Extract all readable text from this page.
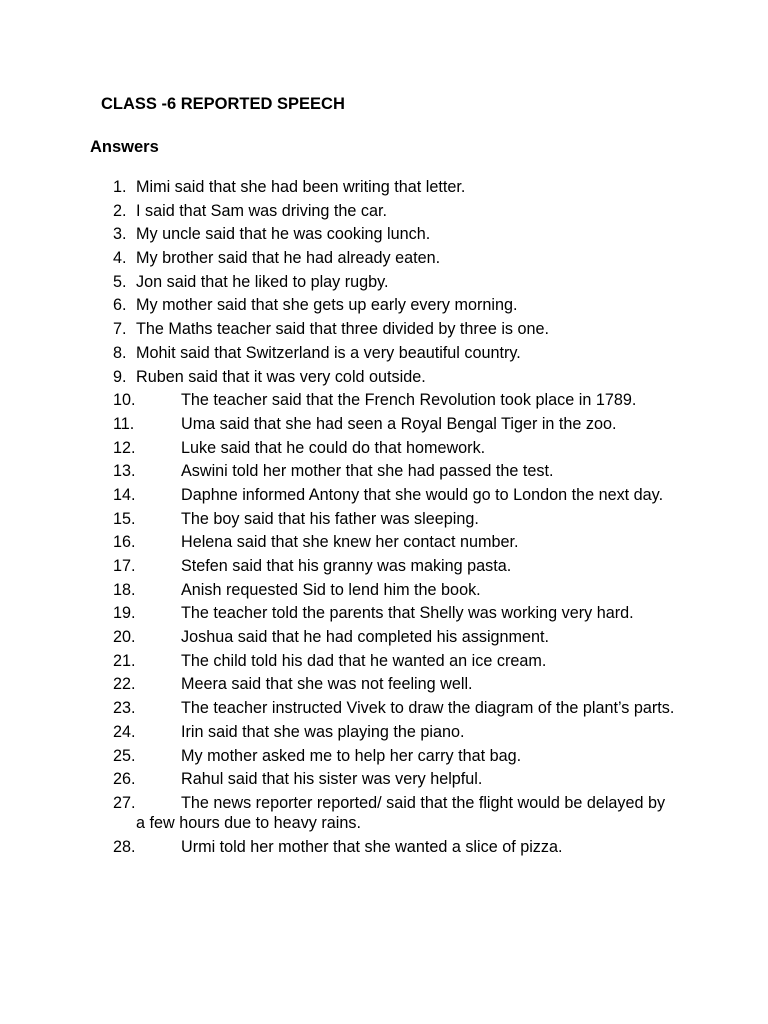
CLASS -6 REPORTED SPEECH
Answers
1. Mimi said that she had been writing that letter.
2. I said that Sam was driving the car.
3. My uncle said that he was cooking lunch.
4. My brother said that he had already eaten.
5. Jon said that he liked to play rugby.
6. My mother said that she gets up early every morning.
7. The Maths teacher said that three divided by three is one.
8. Mohit said that Switzerland is a very beautiful country.
9. Ruben said that it was very cold outside.
10.	The teacher said that the French Revolution took place in 1789.
11.	Uma said that she had seen a Royal Bengal Tiger in the zoo.
12.	Luke said that he could do that homework.
13.	Aswini told her mother that she had passed the test.
14.	Daphne informed Antony that she would go to London the next day.
15.	The boy said that his father was sleeping.
16.	Helena said that she knew her contact number.
17.	Stefen said that his granny was making pasta.
18.	Anish requested Sid to lend him the book.
19.	The teacher told the parents that Shelly was working very hard.
20.	Joshua said that he had completed his assignment.
21.	The child told his dad that he wanted an ice cream.
22.	Meera said that she was not feeling well.
23.	The teacher instructed Vivek to draw the diagram of the plant’s parts.
24.	Irin said that she was playing the piano.
25.	My mother asked me to help her carry that bag.
26.	Rahul said that his sister was very helpful.
27.	The news reporter reported/ said that the flight would be delayed by a few hours due to heavy rains.
28.	Urmi told her mother that she wanted a slice of pizza.
